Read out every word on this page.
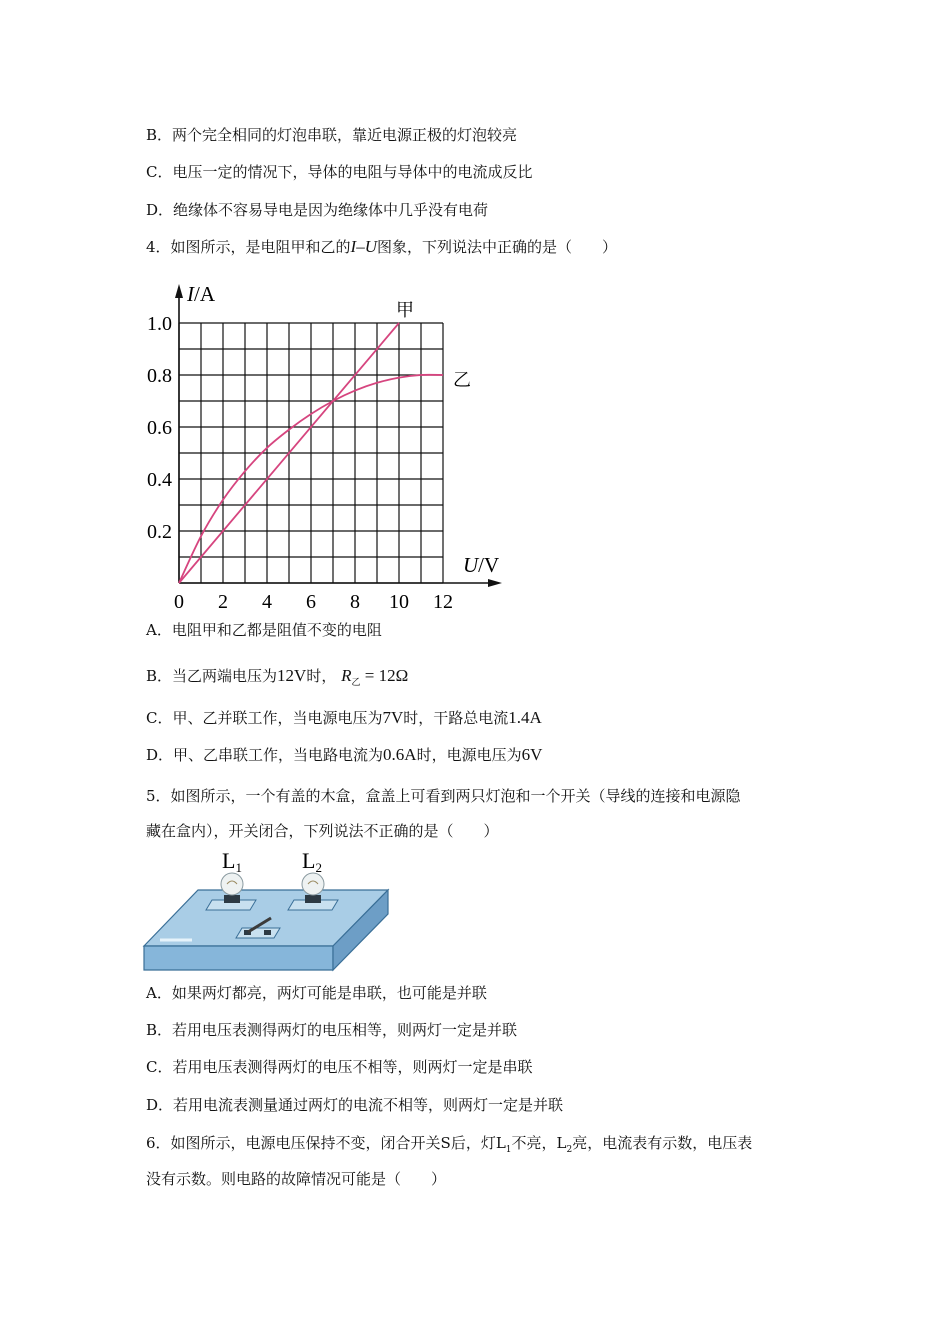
B．两个完全相同的灯泡串联，靠近电源正极的灯泡较亮
C．电压一定的情况下，导体的电阻与导体中的电流成反比
D．绝缘体不容易导电是因为绝缘体中几乎没有电荷
4．如图所示，是电阻甲和乙的I–U图象，下列说法中正确的是（　　）
0 2 4 6 8 10 12
0.2
0.4
0.6
0.8
1.0
I/A
U/V
甲
乙
A．电阻甲和乙都是阻值不变的电阻
B．当乙两端电压为12V时， $R_乙 = 12\Omega$
C．甲、乙并联工作，当电源电压为7V时，干路总电流1.4A
D．甲、乙串联工作，当电路电流为0.6A时，电源电压为6V
5．如图所示，一个有盖的木盒，盒盖上可看到两只灯泡和一个开关（导线的连接和电源隐
藏在盒内），开关闭合，下列说法不正确的是（　　）
L1	L2
A．如果两灯都亮，两灯可能是串联，也可能是并联
B．若用电压表测得两灯的电压相等，则两灯一定是并联
C．若用电压表测得两灯的电压不相等，则两灯一定是串联
D．若用电流表测量通过两灯的电流不相等，则两灯一定是并联
6．如图所示，电源电压保持不变，闭合开关S后，灯$L_1$不亮，$L_2$亮，电流表有示数，电压表
没有示数。则电路的故障情况可能是（　　）
